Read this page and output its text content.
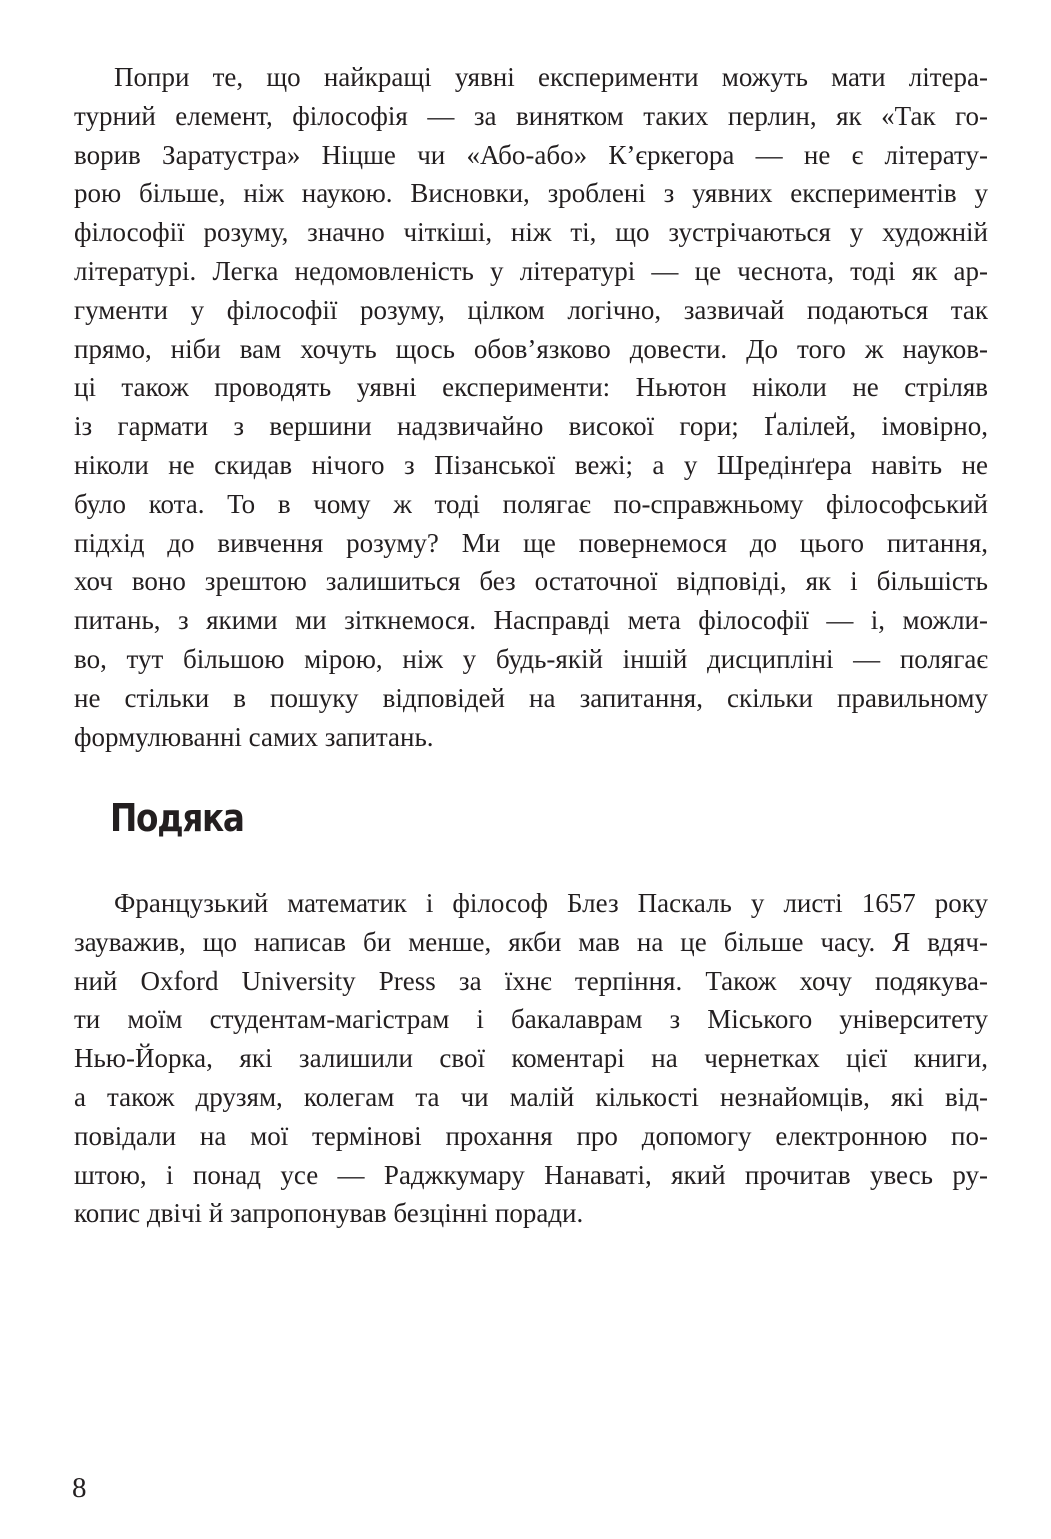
Попри те, що найкращі уявні експерименти можуть мати літера-
турний елемент, філософія — за винятком таких перлин, як «Так го-
ворив Заратустра» Ніцше чи «Або-або» К’єркегора — не є літерату-
рою більше, ніж наукою. Висновки, зроблені з уявних експериментів у
філософії розуму, значно чіткіші, ніж ті, що зустрічаються у художній
літературі. Легка недомовленість у літературі — це чеснота, тоді як ар-
гументи у філософії розуму, цілком логічно, зазвичай подаються так
прямо, ніби вам хочуть щось обов’язково довести. До того ж науков-
ці також проводять уявні експерименти: Ньютон ніколи не стріляв
із гармати з вершини надзвичайно високої гори; Ґалілей, імовірно,
ніколи не скидав нічого з Пізанської вежі; а у Шредінґера навіть не
було кота. То в чому ж тоді полягає по-справжньому філософський
підхід до вивчення розуму? Ми ще повернемося до цього питання,
хоч воно зрештою залишиться без остаточної відповіді, як і більшість
питань, з якими ми зіткнемося. Насправді мета філософії — і, можли-
во, тут більшою мірою, ніж у будь-якій іншій дисципліні — полягає
не стільки в пошуку відповідей на запитання, скільки правильному
формулюванні самих запитань.

Подяка

Французький математик і філософ Блез Паскаль у листі 1657 року
зауважив, що написав би менше, якби мав на це більше часу. Я вдяч-
ний Oxford University Press за їхнє терпіння. Також хочу подякува-
ти моїм студентам-магістрам і бакалаврам з Міського університету
Нью-Йорка, які залишили свої коментарі на чернетках цієї книги,
а також друзям, колегам та чи малій кількості незнайомців, які від-
повідали на мої термінові прохання про допомогу електронною по-
штою, і понад усе — Раджкумару Нанаваті, який прочитав увесь ру-
копис двічі й запропонував безцінні поради.

8
